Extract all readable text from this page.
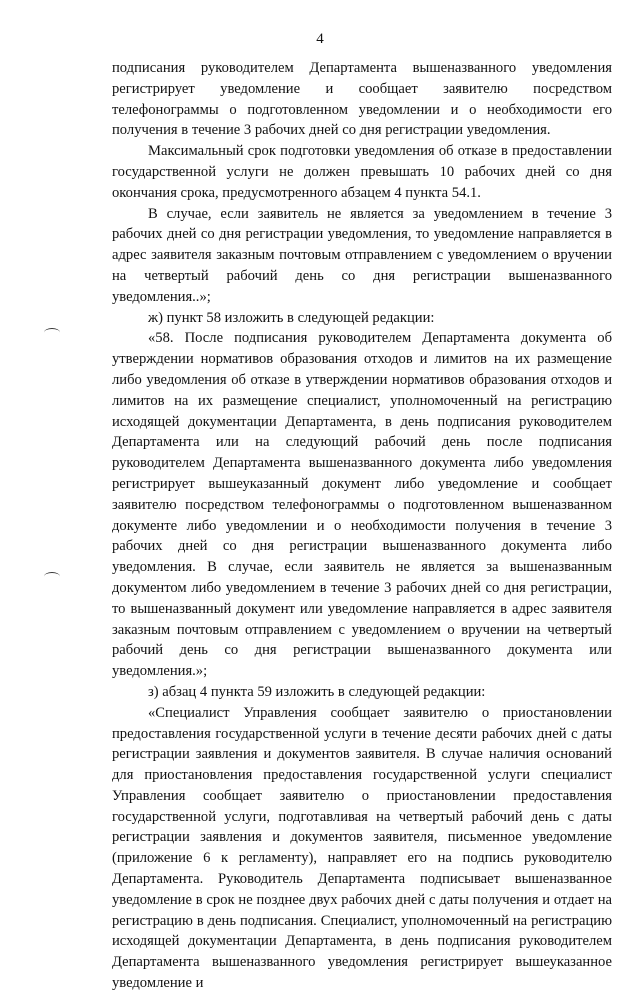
4

подписания руководителем Департамента вышеназванного уведомления регистрирует уведомление и сообщает заявителю посредством телефонограммы о подготовленном уведомлении и о необходимости его получения в течение 3 рабочих дней со дня регистрации уведомления.

Максимальный срок подготовки уведомления об отказе в предоставлении государственной услуги не должен превышать 10 рабочих дней со дня окончания срока, предусмотренного абзацем 4 пункта 54.1.

В случае, если заявитель не является за уведомлением в течение 3 рабочих дней со дня регистрации уведомления, то уведомление направляется в адрес заявителя заказным почтовым отправлением с уведомлением о вручении на четвертый рабочий день со дня регистрации вышеназванного уведомления..»;

ж) пункт 58 изложить в следующей редакции:

«58. После подписания руководителем Департамента документа об утверждении нормативов образования отходов и лимитов на их размещение либо уведомления об отказе в утверждении нормативов образования отходов и лимитов на их размещение специалист, уполномоченный на регистрацию исходящей документации Департамента, в день подписания руководителем Департамента или на следующий рабочий день после подписания руководителем Департамента вышеназванного документа либо уведомления регистрирует вышеуказанный документ либо уведомление и сообщает заявителю посредством телефонограммы о подготовленном вышеназванном документе либо уведомлении и о необходимости получения в течение 3 рабочих дней со дня регистрации вышеназванного документа либо уведомления. В случае, если заявитель не является за вышеназванным документом либо уведомлением в течение 3 рабочих дней со дня регистрации, то вышеназванный документ или уведомление направляется в адрес заявителя заказным почтовым отправлением с уведомлением о вручении на четвертый рабочий день со дня регистрации вышеназванного документа или уведомления.»;

з) абзац 4 пункта 59 изложить в следующей редакции:

«Специалист Управления сообщает заявителю о приостановлении предоставления государственной услуги в течение десяти рабочих дней с даты регистрации заявления и документов заявителя. В случае наличия оснований для приостановления предоставления государственной услуги специалист Управления сообщает заявителю о приостановлении предоставления государственной услуги, подготавливая на четвертый рабочий день с даты регистрации заявления и документов заявителя, письменное уведомление (приложение 6 к регламенту), направляет его на подпись руководителю Департамента. Руководитель Департамента подписывает вышеназванное уведомление в срок не позднее двух рабочих дней с даты получения и отдает на регистрацию в день подписания. Специалист, уполномоченный на регистрацию исходящей документации Департамента, в день подписания руководителем Департамента вышеназванного уведомления регистрирует вышеуказанное уведомление и
